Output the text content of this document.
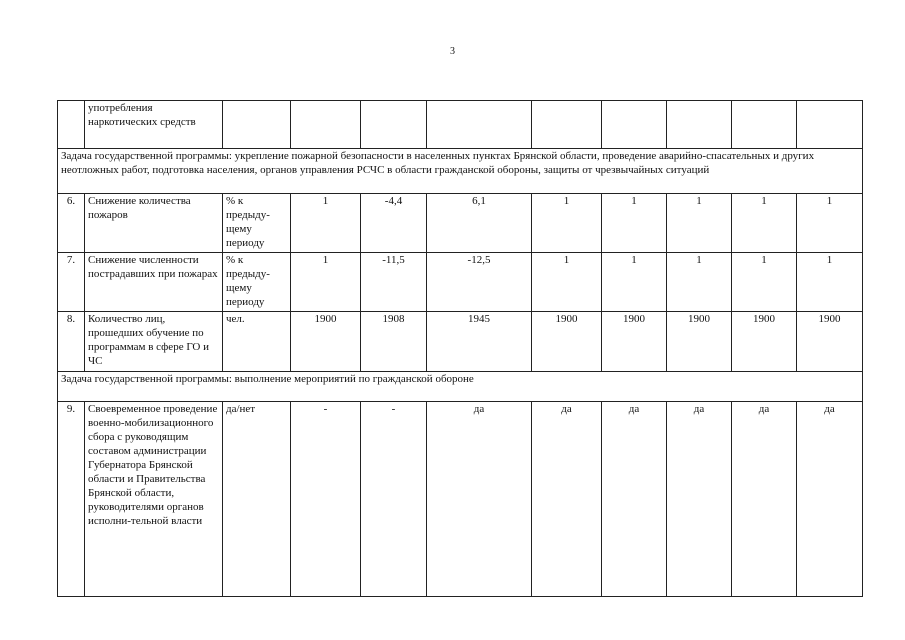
3
	употребления наркотических средств									
Задача государственной программы: укрепление пожарной безопасности в населенных пунктах Брянской области, проведение аварийно-спасательных и других неотложных работ, подготовка населения, органов управления РСЧС в области гражданской обороны, защиты от чрезвычайных ситуаций										
6.	Снижение количества пожаров	% к предыду-щему периоду	1	-4,4	6,1	1	1	1	1	1
7.	Снижение численности пострадавших при пожарах	% к предыду-щему периоду	1	-11,5	-12,5	1	1	1	1	1
8.	Количество лиц, прошедших обучение по программам в сфере ГО и ЧС	чел.	1900	1908	1945	1900	1900	1900	1900	1900
Задача государственной программы: выполнение мероприятий по гражданской обороне										
9.	Своевременное проведение военно-мобилизационного сбора с руководящим составом администрации Губернатора Брянской области и Правительства Брянской области, руководителями органов исполни-тельной власти	да/нет	-	-	да	да	да	да	да	да
